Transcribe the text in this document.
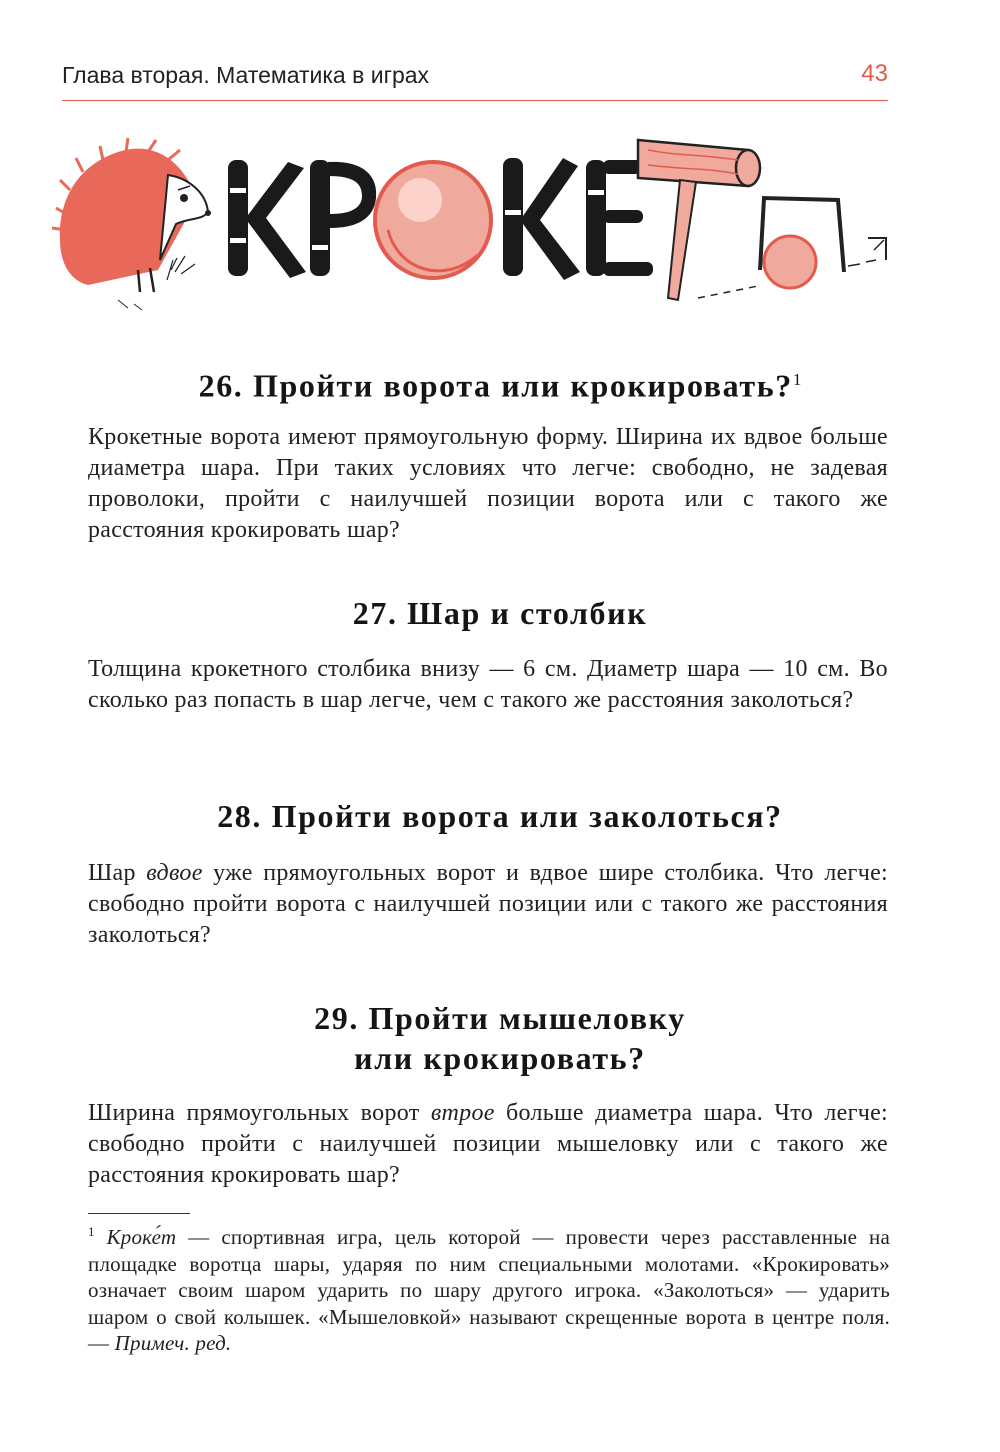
Глава вторая. Математика в играх	43
26. Пройти ворота или крокировать?$^1$

Крокетные ворота имеют прямоугольную форму. Ширина их вдвое больше диаметра шара. При таких условиях что легче: свободно, не задевая проволоки, пройти с наилучшей позиции ворота или с такого же расстояния крокировать шар?

27. Шар и столбик

Толщина крокетного столбика внизу — 6 см. Диаметр шара — 10 см. Во сколько раз попасть в шар легче, чем с такого же расстояния заколоться?

28. Пройти ворота или заколоться?

Шар вдвое уже прямоугольных ворот и вдвое шире столбика. Что легче: свободно пройти ворота с наилучшей позиции или с такого же расстояния заколоться?

29. Пройти мышеловку
или крокировать?

Ширина прямоугольных ворот втрое больше диаметра шара. Что легче: свободно пройти с наилучшей позиции мышеловку или с такого же расстояния крокировать шар?

$^1$ Кроке́т — спортивная игра, цель которой — провести через расставленные на площадке воротца шары, ударяя по ним специальными молотами. «Крокировать» означает своим шаром ударить по шару другого игрока. «Заколоться» — ударить шаром о свой колышек. «Мышеловкой» называют скрещенные ворота в центре поля. — Примеч. ред.
